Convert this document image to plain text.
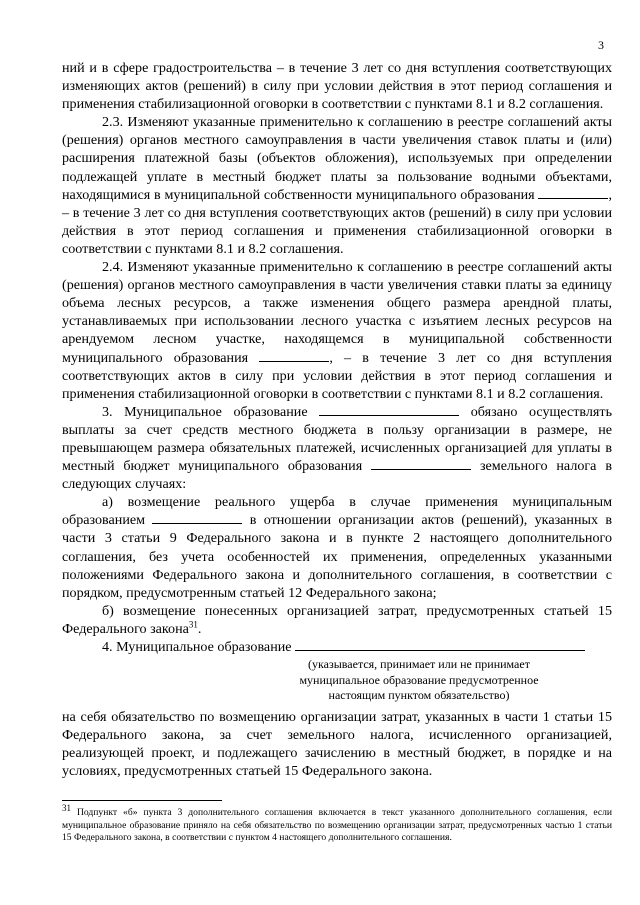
3

ний и в сфере градостроительства – в течение 3 лет со дня вступления соответствующих изменяющих актов (решений) в силу при условии действия в этот период соглашения и применения стабилизационной оговорки в соответствии с пунктами 8.1 и 8.2 соглашения.

2.3. Изменяют указанные применительно к соглашению в реестре соглашений акты (решения) органов местного самоуправления в части увеличения ставок платы и (или) расширения платежной базы (объектов обложения), используемых при определении подлежащей уплате в местный бюджет платы за пользование водными объектами, находящимися в муниципальной собственности муниципального образования	, – в течение 3 лет со дня вступления соответствующих актов (решений) в силу при условии действия в этот период соглашения и применения стабилизационной оговорки в соответствии с пунктами 8.1 и 8.2 соглашения.

2.4. Изменяют указанные применительно к соглашению в реестре соглашений акты (решения) органов местного самоуправления в части увеличения ставки платы за единицу объема лесных ресурсов, а также изменения общего размера арендной платы, устанавливаемых при использовании лесного участка с изъятием лесных ресурсов на арендуемом лесном участке, находящемся в муниципальной собственности муниципального образования	, – в течение 3 лет со дня вступления соответствующих актов в силу при условии действия в этот период соглашения и применения стабилизационной оговорки в соответствии с пунктами 8.1 и 8.2 соглашения.

3. Муниципальное образование	обязано осуществлять выплаты за счет средств местного бюджета в пользу организации в размере, не превышающем размера обязательных платежей, исчисленных организацией для уплаты в местный бюджет муниципального образования	земельного налога в следующих случаях:

а) возмещение реального ущерба в случае применения муниципальным образованием	в отношении организации актов (решений), указанных в части 3 статьи 9 Федерального закона и в пункте 2 настоящего дополнительного соглашения, без учета особенностей их применения, определенных указанными положениями Федерального закона и дополнительного соглашения, в соответствии с порядком, предусмотренным статьей 12 Федерального закона;

б) возмещение понесенных организацией затрат, предусмотренных статьей 15 Федерального закона$^{31}$.

4. Муниципальное образование

(указывается, принимает или не принимает муниципальное образование предусмотренное настоящим пунктом обязательство)

на себя обязательство по возмещению организации затрат, указанных в части 1 статьи 15 Федерального закона, за счет земельного налога, исчисленного организацией, реализующей проект, и подлежащего зачислению в местный бюджет, в порядке и на условиях, предусмотренных статьей 15 Федерального закона.

$^{31}$ Подпункт «б» пункта 3 дополнительного соглашения включается в текст указанного дополнительного соглашения, если муниципальное образование приняло на себя обязательство по возмещению организации затрат, предусмотренных частью 1 статьи 15 Федерального закона, в соответствии с пунктом 4 настоящего дополнительного соглашения.
